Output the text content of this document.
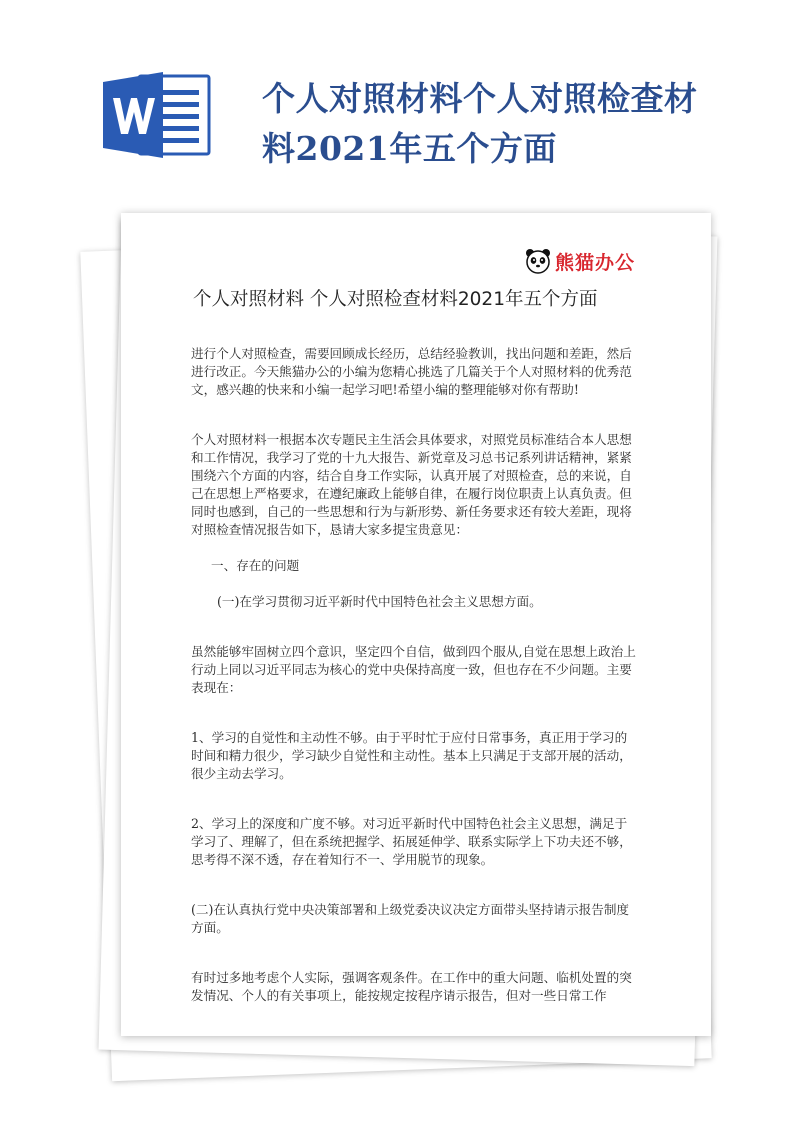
个人对照材料个人对照检查材
料2021年五个方面
熊猫办公
个人对照材料 个人对照检查材料2021年五个方面

进行个人对照检查，需要回顾成长经历，总结经验教训，找出问题和差距，然后进行改正。今天熊猫办公的小编为您精心挑选了几篇关于个人对照材料的优秀范文，感兴趣的快来和小编一起学习吧!希望小编的整理能够对你有帮助!

个人对照材料一根据本次专题民主生活会具体要求，对照党员标准结合本人思想和工作情况，我学习了党的十九大报告、新党章及习总书记系列讲话精神，紧紧围绕六个方面的内容，结合自身工作实际，认真开展了对照检查，总的来说，自己在思想上严格要求，在遵纪廉政上能够自律，在履行岗位职责上认真负责。但同时也感到，自己的一些思想和行为与新形势、新任务要求还有较大差距，现将对照检查情况报告如下，恳请大家多提宝贵意见：

一、存在的问题

(一)在学习贯彻习近平新时代中国特色社会主义思想方面。

虽然能够牢固树立四个意识，坚定四个自信，做到四个服从,自觉在思想上政治上行动上同以习近平同志为核心的党中央保持高度一致，但也存在不少问题。主要表现在：

1、学习的自觉性和主动性不够。由于平时忙于应付日常事务，真正用于学习的时间和精力很少，学习缺少自觉性和主动性。基本上只满足于支部开展的活动，很少主动去学习。

2、学习上的深度和广度不够。对习近平新时代中国特色社会主义思想，满足于学习了、理解了，但在系统把握学、拓展延伸学、联系实际学上下功夫还不够，思考得不深不透，存在着知行不一、学用脱节的现象。

(二)在认真执行党中央决策部署和上级党委决议决定方面带头坚持请示报告制度方面。

有时过多地考虑个人实际，强调客观条件。在工作中的重大问题、临机处置的突发情况、个人的有关事项上，能按规定按程序请示报告，但对一些日常工作
